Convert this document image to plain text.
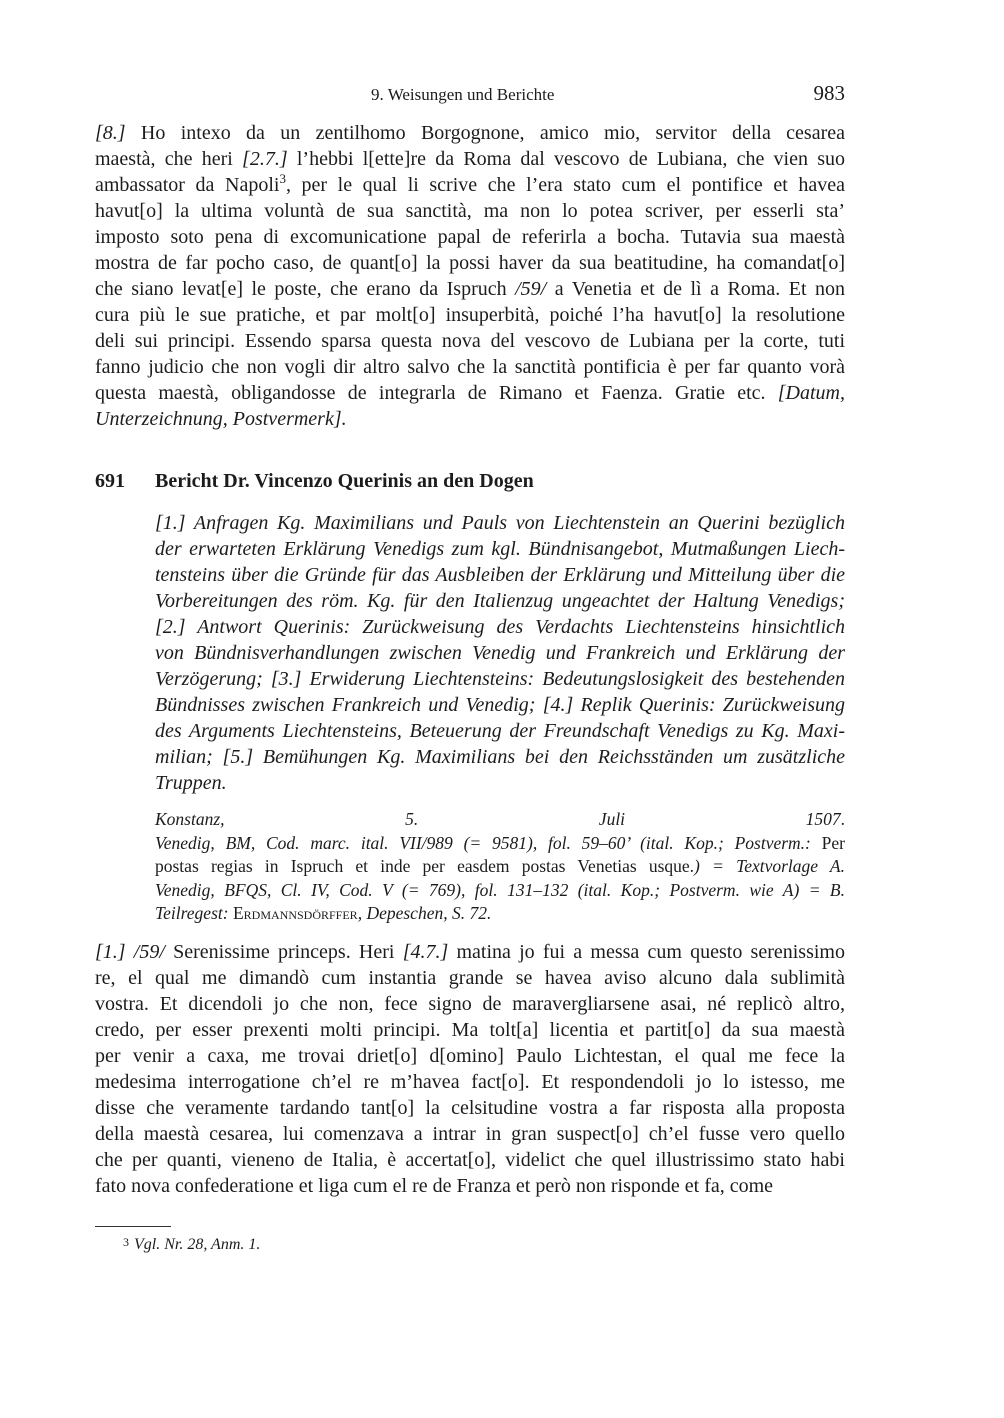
9. Weisungen und Berichte	983
[8.] Ho intexo da un zentilhomo Borgognone, amico mio, servitor della cesarea
maestà, che heri [2.7.] l’hebbi l[ette]re da Roma dal vescovo de Lubiana, che vien suo
ambassator da Napoli$^3$, per le qual li scrive che l’era stato cum el pontifice et havea
havut[o] la ultima voluntà de sua sanctità, ma non lo potea scriver, per esserli sta’
imposto soto pena di excomunicatione papal de referirla a bocha. Tutavia sua maestà
mostra de far pocho caso, de quant[o] la possi haver da sua beatitudine, ha comandat[o]
che siano levat[e] le poste, che erano da Ispruch /59/ a Venetia et de lì a Roma. Et non
cura più le sue pratiche, et par molt[o] insuperbità, poiché l’ha havut[o] la resolutione
deli sui principi. Essendo sparsa questa nova del vescovo de Lubiana per la corte, tuti
fanno judicio che non vogli dir altro salvo che la sanctità pontificia è per far quanto vorà
questa maestà, obligandosse de integrarla de Rimano et Faenza. Gratie etc. [Datum,
Unterzeichnung, Postvermerk].
691 Bericht Dr. Vincenzo Querinis an den Dogen
[1.] Anfragen Kg. Maximilians und Pauls von Liechtenstein an Querini bezüglich
der erwarteten Erklärung Venedigs zum kgl. Bündnisangebot, Mutmaßungen Liech-
tensteins über die Gründe für das Ausbleiben der Erklärung und Mitteilung über die
Vorbereitungen des röm. Kg. für den Italienzug ungeachtet der Haltung Venedigs;
[2.] Antwort Querinis: Zurückweisung des Verdachts Liechtensteins hinsichtlich
von Bündnisverhandlungen zwischen Venedig und Frankreich und Erklärung der
Verzögerung; [3.] Erwiderung Liechtensteins: Bedeutungslosigkeit des bestehenden
Bündnisses zwischen Frankreich und Venedig; [4.] Replik Querinis: Zurückweisung
des Arguments Liechtensteins, Beteuerung der Freundschaft Venedigs zu Kg. Maxi-
milian; [5.] Bemühungen Kg. Maximilians bei den Reichsständen um zusätzliche
Truppen.
Konstanz, 5. Juli 1507.
Venedig, BM, Cod. marc. ital. VII/989 (= 9581), fol. 59–60’ (ital. Kop.; Postverm.: Per
postas regias in Ispruch et inde per easdem postas Venetias usque.) = Textvorlage A.
Venedig, BFQS, Cl. IV, Cod. V (= 769), fol. 131–132 (ital. Kop.; Postverm. wie A) = B.
Teilregest: Erdmannsdörffer, Depeschen, S. 72.
[1.] /59/ Serenissime princeps. Heri [4.7.] matina jo fui a messa cum questo serenissimo
re, el qual me dimandò cum instantia grande se havea aviso alcuno dala sublimità
vostra. Et dicendoli jo che non, fece signo de maravergliarsene asai, né replicò altro,
credo, per esser prexenti molti principi. Ma tolt[a] licentia et partit[o] da sua maestà
per venir a caxa, me trovai driet[o] d[omino] Paulo Lichtestan, el qual me fece la
medesima interrogatione ch’el re m’havea fact[o]. Et respondendoli jo lo istesso, me
disse che veramente tardando tant[o] la celsitudine vostra a far risposta alla proposta
della maestà cesarea, lui comenzava a intrar in gran suspect[o] ch’el fusse vero quello
che per quanti, vieneno de Italia, è accertat[o], videlict che quel illustrissimo stato habi
fato nova confederatione et liga cum el re de Franza et però non risponde et fa, come
3 Vgl. Nr. 28, Anm. 1.
